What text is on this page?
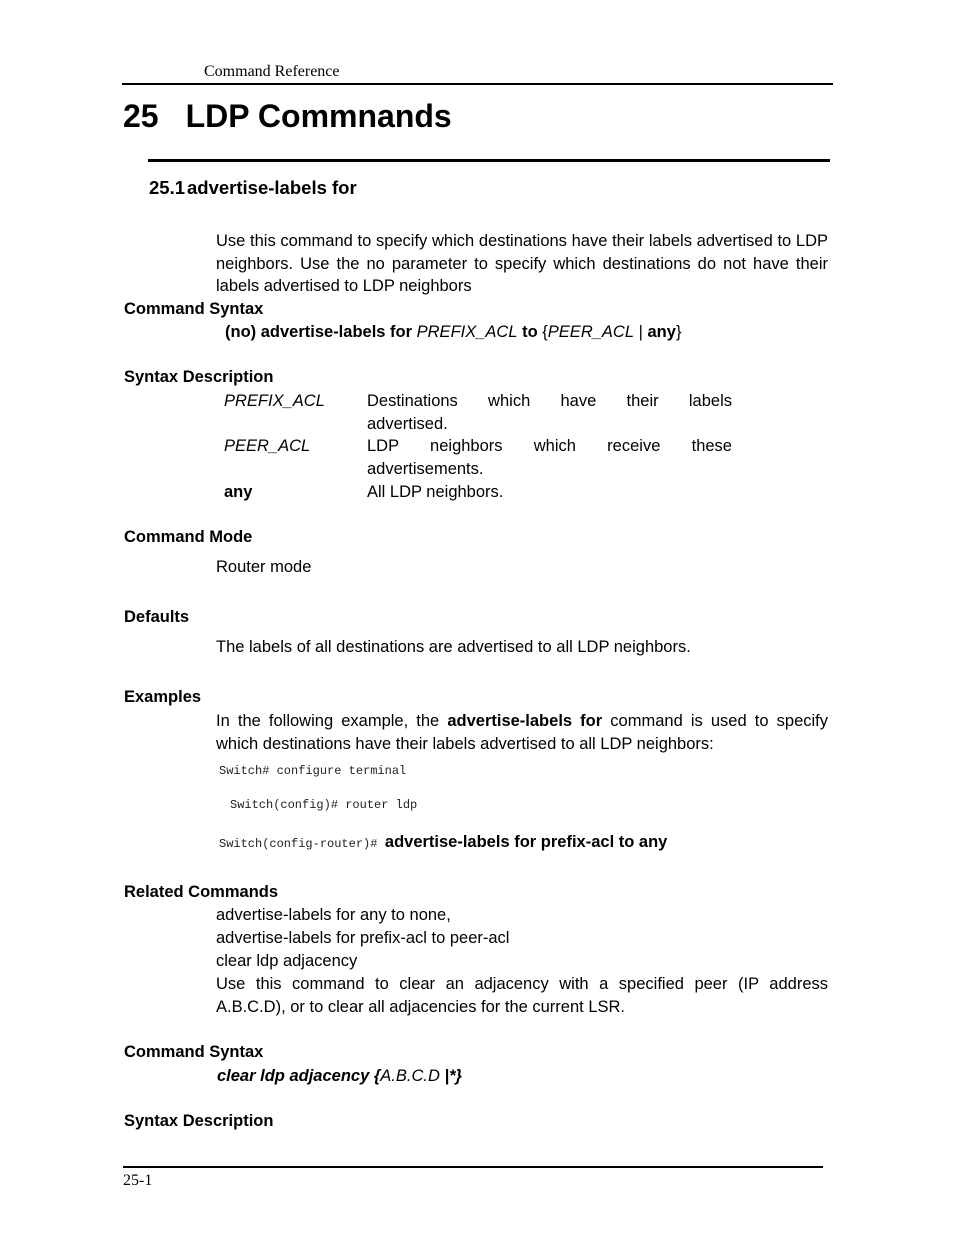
Command Reference
25 LDP Commnands
25.1 advertise-labels for
Use this command to specify which destinations have their labels advertised to LDP neighbors. Use the no parameter to specify which destinations do not have their labels advertised to LDP neighbors
Command Syntax
(no) advertise-labels for PREFIX_ACL to {PEER_ACL | any}
Syntax Description
PREFIX_ACL	Destinations which have their labels
advertised.
PEER_ACL	LDP neighbors which receive these
advertisements.
any	All LDP neighbors.
Command Mode
Router mode
Defaults
The labels of all destinations are advertised to all LDP neighbors.
Examples
In the following example, the advertise-labels for command is used to specify which destinations have their labels advertised to all LDP neighbors:
Switch# configure terminal
Switch(config)# router ldp
Switch(config-router)# advertise-labels for prefix-acl to any
Related Commands
advertise-labels for any to none,
advertise-labels for prefix-acl to peer-acl
clear ldp adjacency
Use this command to clear an adjacency with a specified peer (IP address A.B.C.D), or to clear all adjacencies for the current LSR.
Command Syntax
clear ldp adjacency {A.B.C.D |*}
Syntax Description
25-1
